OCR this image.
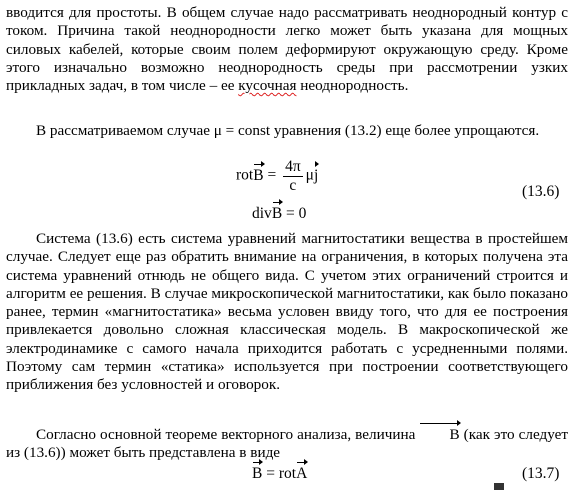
вводится для простоты. В общем случае надо рассматривать неоднородный контур с током. Причина такой неоднородности легко может быть указана для мощных силовых кабелей, которые своим полем деформируют окружающую среду. Кроме этого изначально возможно неоднородность среды при рассмотрении узких прикладных задач, в том числе – ее кусочная неоднородность.

В рассматриваемом случае μ = const уравнения (13.2) еще более упрощаются.

rotB = $\frac{4\pi}{c}$ μj
(13.6)
divB = 0

Система (13.6) есть система уравнений магнитостатики вещества в простейшем случае. Следует еще раз обратить внимание на ограничения, в которых получена эта система уравнений отнюдь не общего вида. С учетом этих ограничений строится и алгоритм ее решения. В случае микроскопической магнитостатики, как было показано ранее, термин «магнитостатика» весьма условен ввиду того, что для ее построения привлекается довольно сложная классическая модель. В макроскопической же электродинамике с самого начала приходится работать с усредненными полями. Поэтому сам термин «статика» используется при построении соответствующего приближения без условностей и оговорок.

Согласно основной теореме векторного анализа, величина B (как это следует из (13.6)) может быть представлена в виде

B = rotA	(13.7)
